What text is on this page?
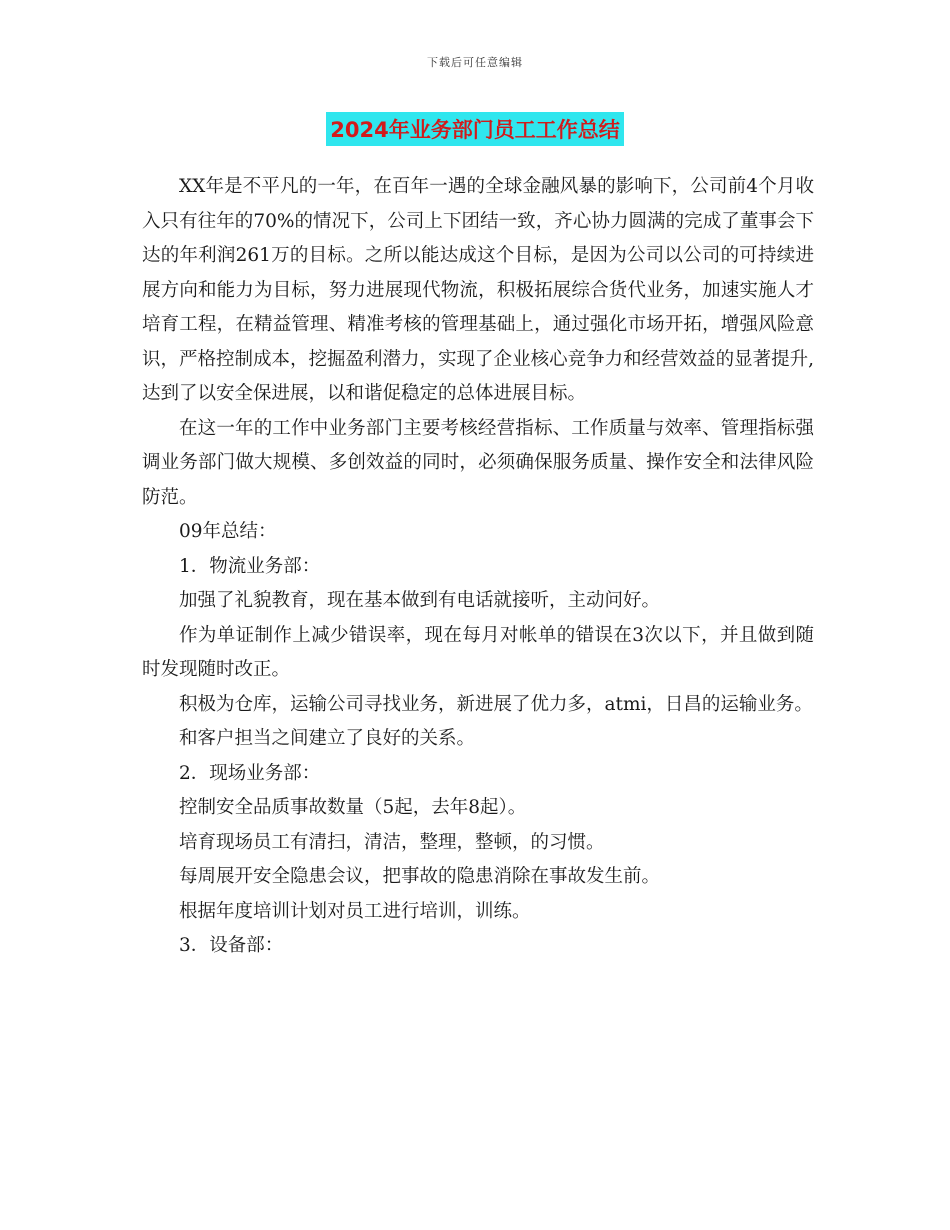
下载后可任意编辑
2024年业务部门员工工作总结

XX年是不平凡的一年，在百年一遇的全球金融风暴的影响下，公司前4个月收入只有往年的70%的情况下，公司上下团结一致，齐心协力圆满的完成了董事会下达的年利润261万的目标。之所以能达成这个目标，是因为公司以公司的可持续进展方向和能力为目标，努力进展现代物流，积极拓展综合货代业务，加速实施人才培育工程，在精益管理、精准考核的管理基础上，通过强化市场开拓，增强风险意识，严格控制成本，挖掘盈利潜力，实现了企业核心竞争力和经营效益的显著提升,达到了以安全保进展，以和谐促稳定的总体进展目标。

在这一年的工作中业务部门主要考核经营指标、工作质量与效率、管理指标强调业务部门做大规模、多创效益的同时，必须确保服务质量、操作安全和法律风险防范。

09年总结：

1．物流业务部：

加强了礼貌教育，现在基本做到有电话就接听，主动问好。

作为单证制作上减少错误率，现在每月对帐单的错误在3次以下，并且做到随时发现随时改正。

积极为仓库，运输公司寻找业务，新进展了优力多，atmi，日昌的运输业务。

和客户担当之间建立了良好的关系。

2．现场业务部：

控制安全品质事故数量（5起，去年8起）。

培育现场员工有清扫，清洁，整理，整顿，的习惯。

每周展开安全隐患会议，把事故的隐患消除在事故发生前。

根据年度培训计划对员工进行培训，训练。

3．设备部：
